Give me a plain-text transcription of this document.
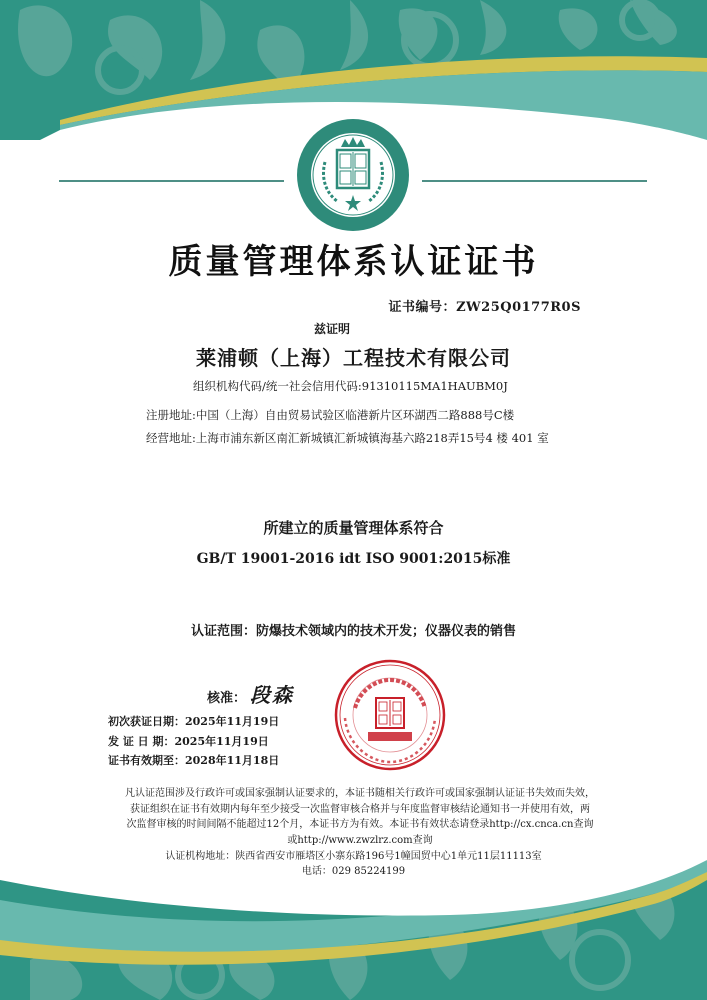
质量管理体系认证证书
证书编号：ZW25Q0177R0S
兹证明
莱浦顿（上海）工程技术有限公司
组织机构代码/统一社会信用代码:91310115MA1HAUBM0J
注册地址:中国（上海）自由贸易试验区临港新片区环湖西二路888号C楼
经营地址:上海市浦东新区南汇新城镇汇新城镇海基六路218弄15号4 楼 401 室
所建立的质量管理体系符合
GB/T 19001-2016 idt ISO 9001:2015标准
认证范围：防爆技术领域内的技术开发；仪器仪表的销售
核准： 段森
初次获证日期：2025年11月19日
发 证 日 期：2025年11月19日
证书有效期至：2028年11月18日
凡认证范围涉及行政许可或国家强制认证要求的，本证书随相关行政许可或国家强制认证证书失效而失效，
获证组织在证书有效期内每年至少接受一次监督审核合格并与年度监督审核结论通知书一并使用有效，两
次监督审核的时间间隔不能超过12个月，本证书方为有效。本证书有效状态请登录http://cx.cnca.cn查询
或http://www.zwzlrz.com查询
认证机构地址：陕西省西安市雁塔区小寨东路196号1幢国贸中心1单元11层11113室
电话：029 85224199
